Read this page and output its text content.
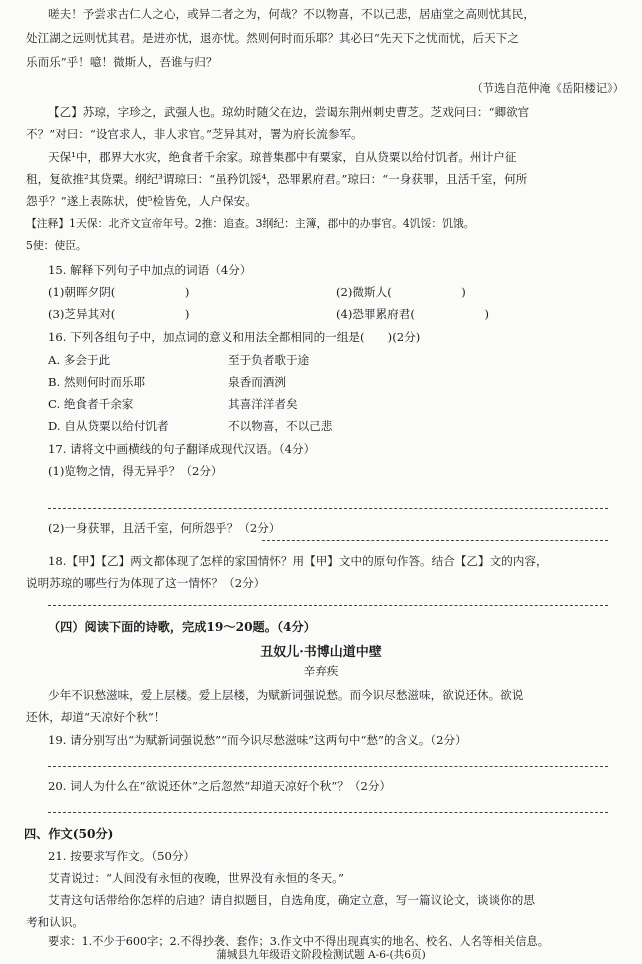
嗟夫！予尝求古仁人之心，或异二者之为，何哉？不以物喜，不以己悲，居庙堂之高则忧其民，
处江湖之远则忧其君。是进亦忧，退亦忧。然则何时而乐耶？其必曰“先天下之忧而忧，后天下之
乐而乐”乎！噫！微斯人，吾谁与归？
（节选自范仲淹《岳阳楼记》）
【乙】苏琼，字珍之，武强人也。琼幼时随父在边，尝谒东荆州刺史曹芝。芝戏问曰：“卿欲官
不？”对曰：“设官求人，非人求官。”芝异其对，署为府长流参军。
天保¹中，郡界大水灾，绝食者千余家。琼普集郡中有粟家，自从贷粟以给付饥者。州计户征
租，复欲推²其贷粟。纲纪³谓琼曰：“虽矜饥馁⁴，恐罪累府君。”琼曰：“一身获罪，且活千室，何所
怨乎？”遂上表陈状，使⁵检皆免，人户保安。
【注释】1天保：北齐文宣帝年号。2推：追查。3纲纪：主簿，郡中的办事官。4饥馁：饥饿。
5使：使臣。
15. 解释下列句子中加点的词语（4分）
(1)朝晖夕阴(　　　　　　)	(2)微斯人(　　　　　　)
(3)芝异其对(　　　　　　)	(4)恐罪累府君(　　　　　　)
16. 下列各组句子中，加点词的意义和用法全都相同的一组是(　　)(2分)
A. 多会于此	至于负者歌于途
B. 然则何时而乐耶	泉香而酒洌
C. 绝食者千余家	其喜洋洋者矣
D. 自从贷粟以给付饥者	不以物喜，不以己悲
17. 请将文中画横线的句子翻译成现代汉语。（4分）
(1)览物之情，得无异乎？（2分）
(2)一身获罪，且活千室，何所怨乎？（2分）
18.【甲】【乙】两文都体现了怎样的家国情怀？用【甲】文中的原句作答。结合【乙】文的内容，
说明苏琼的哪些行为体现了这一情怀？（2分）
（四）阅读下面的诗歌，完成19～20题。（4分）
丑奴儿·书博山道中壁
辛弃疾
少年不识愁滋味，爱上层楼。爱上层楼，为赋新词强说愁。而今识尽愁滋味，欲说还休。欲说
还休，却道“天凉好个秋”！
19. 请分别写出“为赋新词强说愁”“而今识尽愁滋味”这两句中“愁”的含义。（2分）
20. 词人为什么在“欲说还休”之后忽然“却道天凉好个秋”？（2分）
四、作文(50分)
21. 按要求写作文。（50分）
艾青说过：“人间没有永恒的夜晚，世界没有永恒的冬天。”
艾青这句话带给你怎样的启迪？请自拟题目，自选角度，确定立意，写一篇议论文，谈谈你的思
考和认识。
要求：1.不少于600字；2.不得抄袭、套作；3.作文中不得出现真实的地名、校名、人名等相关信息。
蒲城县九年级语文阶段检测试题 A-6-(共6页)
